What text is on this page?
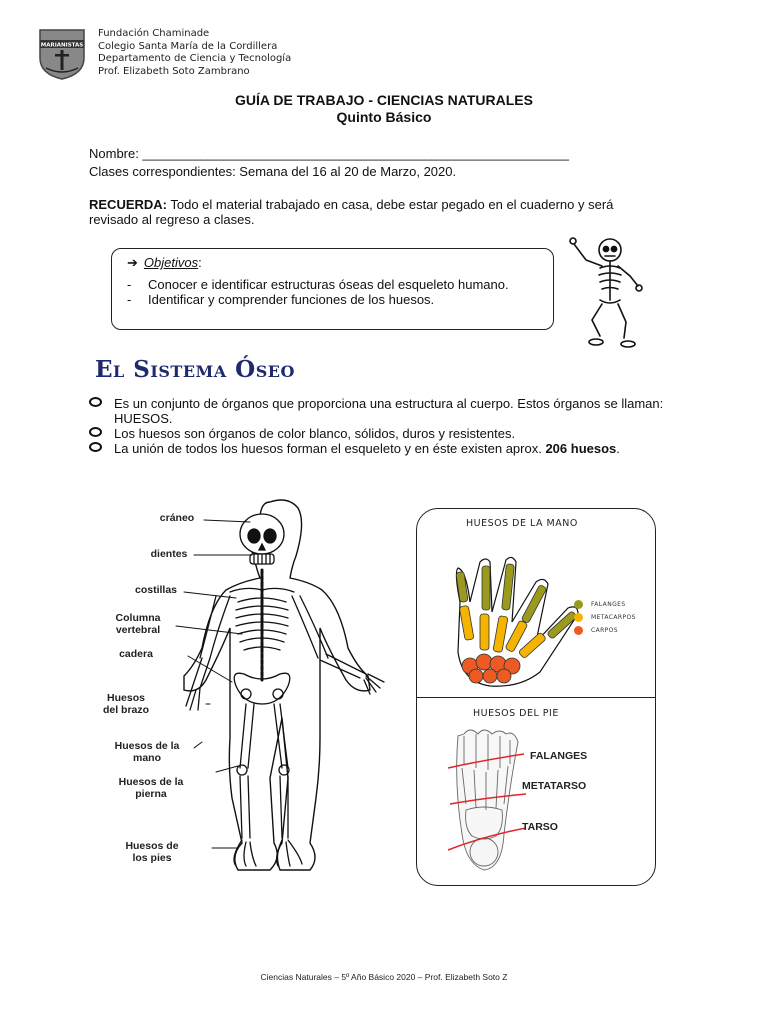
MARIANISTAS
Fundación Chaminade
Colegio Santa María de la Cordillera
Departamento de Ciencia y Tecnología
Prof. Elizabeth Soto Zambrano
GUÍA DE TRABAJO - CIENCIAS NATURALES
Quinto Básico
Nombre: ___________________________________________________________
Clases correspondientes: Semana del 16 al 20 de Marzo, 2020.
RECUERDA: Todo el material trabajado en casa, debe estar pegado en el cuaderno y será revisado al regreso a clases.
➔ Objetivos:
- Conocer e identificar estructuras óseas del esqueleto humano.
- Identificar y comprender funciones de los huesos.
El Sistema Óseo
Es un conjunto de órganos que proporciona una estructura al cuerpo. Estos órganos se llaman: HUESOS.
Los huesos son órganos de color blanco, sólidos, duros y resistentes.
La unión de todos los huesos forman el esqueleto y en éste existen aprox. 206 huesos.
cráneo
dientes
costillas
Columna vertebral
cadera
Huesos del brazo
Huesos de la mano
Huesos de la pierna
Huesos de los pies
HUESOS DE LA MANO
FALANGES
METACARPOS
CARPOS
HUESOS DEL PIE
FALANGES
METATARSO
TARSO
Ciencias Naturales – 5º Año Básico 2020 – Prof. Elizabeth Soto Z
